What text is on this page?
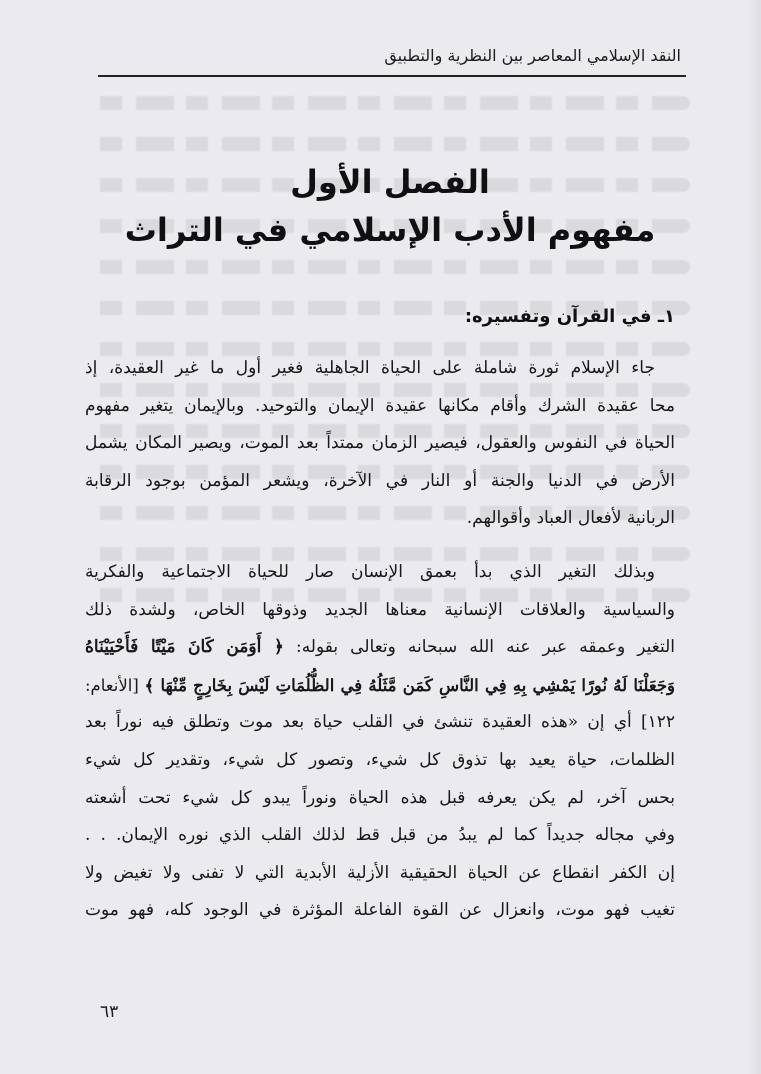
النقد الإسلامي المعاصر بين النظرية والتطبيق
الفصل الأول
مفهوم الأدب الإسلامي في التراث
١ـ في القرآن وتفسيره:
جاء الإسلام ثورة شاملة على الحياة الجاهلية فغير أول ما غير العقيدة، إذ
محا عقيدة الشرك وأقام مكانها عقيدة الإيمان والتوحيد. وبالإيمان يتغير مفهوم
الحياة في النفوس والعقول، فيصير الزمان ممتداً بعد الموت، ويصير المكان يشمل
الأرض في الدنيا والجنة أو النار في الآخرة، ويشعر المؤمن بوجود الرقابة
الربانية لأفعال العباد وأقوالهم.
وبذلك التغير الذي بدأ بعمق الإنسان صار للحياة الاجتماعية والفكرية
والسياسية والعلاقات الإنسانية معناها الجديد وذوقها الخاص، ولشدة ذلك
التغير وعمقه عبر عنه الله سبحانه وتعالى بقوله: ﴿ أَوَمَن كَانَ مَيْتًا فَأَحْيَيْنَاهُ
وَجَعَلْنَا لَهُ نُورًا يَمْشِي بِهِ فِي النَّاسِ كَمَن مَّثَلُهُ فِي الظُّلُمَاتِ لَيْسَ بِخَارِجٍ مِّنْهَا ﴾ [الأنعام:
١٢٢] أي إن «هذه العقيدة تنشئ في القلب حياة بعد موت وتطلق فيه نوراً بعد
الظلمات، حياة يعيد بها تذوق كل شيء، وتصور كل شيء، وتقدير كل شيء
بحس آخر، لم يكن يعرفه قبل هذه الحياة ونوراً يبدو كل شيء تحت أشعته
وفي مجاله جديداً كما لم يبدُ من قبل قط لذلك القلب الذي نوره الإيمان. . .
إن الكفر انقطاع عن الحياة الحقيقية الأزلية الأبدية التي لا تفنى ولا تغيض ولا
تغيب فهو موت، وانعزال عن القوة الفاعلة المؤثرة في الوجود كله، فهو موت
٦٣
